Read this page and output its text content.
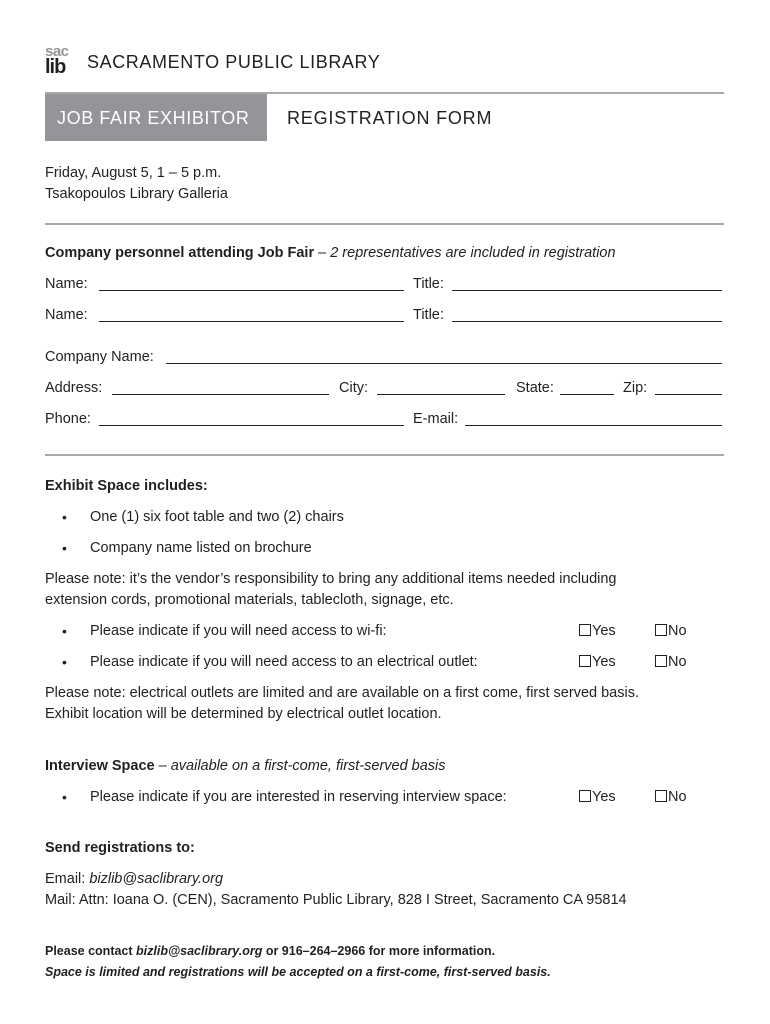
sac
lib SACRAMENTO PUBLIC LIBRARY
JOB FAIR EXHIBITOR REGISTRATION FORM
Friday, August 5, 1 – 5 p.m.
Tsakopoulos Library Galleria
Company personnel attending Job Fair – 2 representatives are included in registration
Name:	Title:
Name:	Title:
Company Name:
Address:	City:	State:	Zip:
Phone:	E-mail:
Exhibit Space includes:
• One (1) six foot table and two (2) chairs
• Company name listed on brochure
Please note: it’s the vendor’s responsibility to bring any additional items needed including
extension cords, promotional materials, tablecloth, signage, etc.
• Please indicate if you will need access to wi-fi:	Yes	No
• Please indicate if you will need access to an electrical outlet:	Yes	No
Please note: electrical outlets are limited and are available on a first come, first served basis.
Exhibit location will be determined by electrical outlet location.
Interview Space – available on a first-come, first-served basis
• Please indicate if you are interested in reserving interview space:	Yes	No
Send registrations to:
Email: bizlib@saclibrary.org
Mail: Attn: Ioana O. (CEN), Sacramento Public Library, 828 I Street, Sacramento CA 95814
Please contact bizlib@saclibrary.org or 916–264–2966 for more information.
Space is limited and registrations will be accepted on a first-come, first-served basis.
